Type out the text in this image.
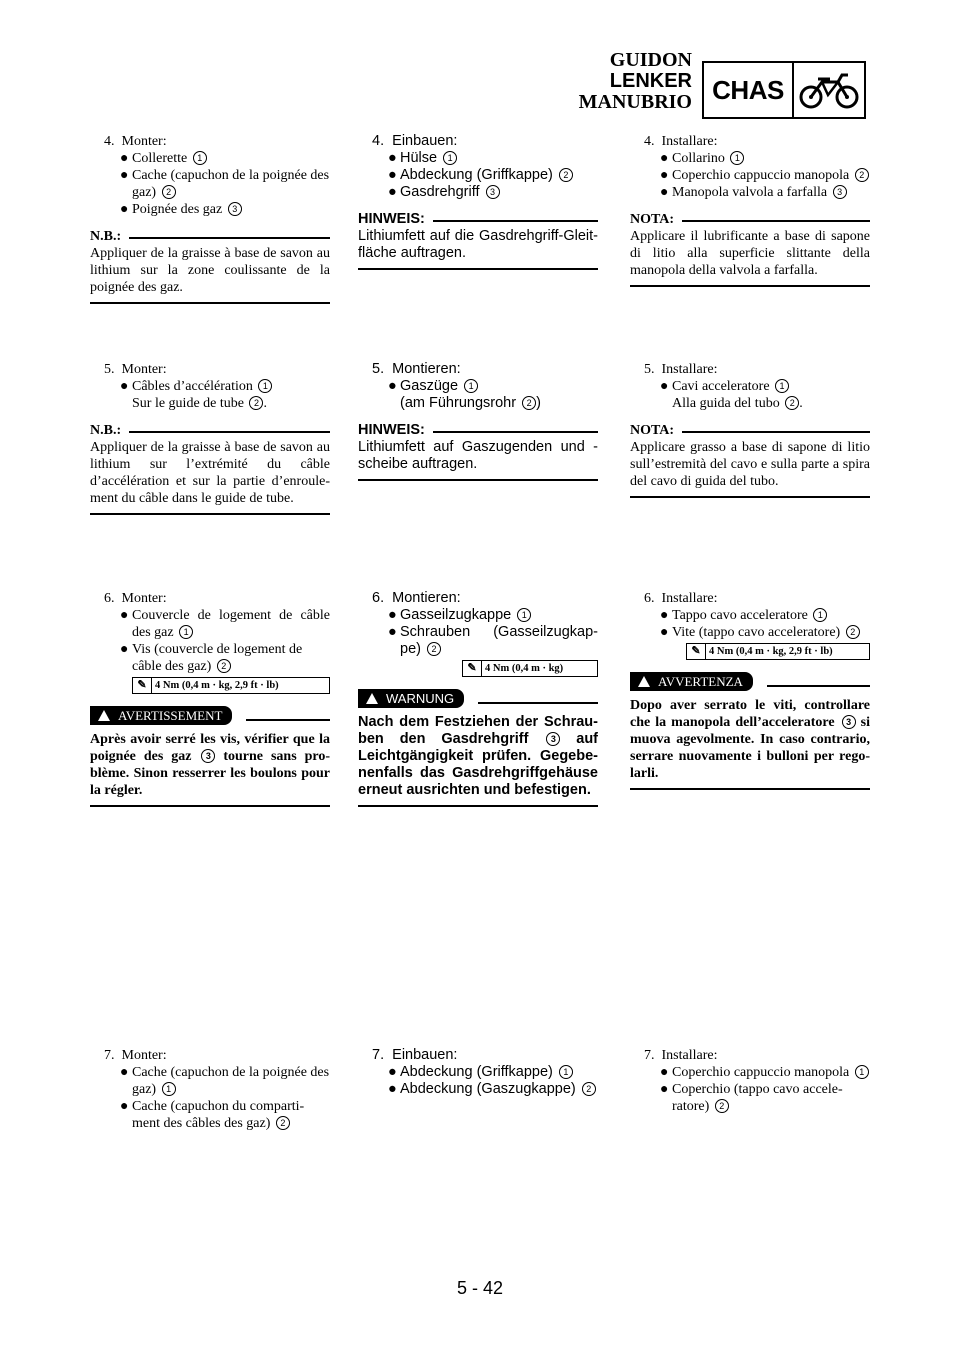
GUIDON
LENKER
MANUBRIO CHAS
4.  Monter:
● Collerette 1
● Cache (capuchon de la poignée des gaz) 2
● Poignée des gaz 3
N.B.:
Appliquer de la graisse à base de savon au lithium sur la zone coulissante de la poignée des gaz.
5.  Monter:
● Câbles d’accélération 1
Sur le guide de tube 2 .
N.B.:
Appliquer de la graisse à base de savon au lithium sur l’extrémité du câble d’accélération et sur la partie d’enroule-ment du câble dans le guide de tube.
6.  Monter:
● Couvercle de logement de câble des gaz 1
● Vis (couvercle de logement de câble des gaz) 2
✎ 4 Nm (0,4 m · kg, 2,9 ft · lb)
AVERTISSEMENT
Après avoir serré les vis, vérifier que la poignée des gaz 3 tourne sans pro-blème. Sinon resserrer les boulons pour la régler.
7.  Monter:
● Cache (capuchon de la poignée des gaz) 1
● Cache (capuchon du comparti-ment des câbles des gaz) 2
4.  Einbauen:
● Hülse 1
● Abdeckung (Griffkappe) 2
● Gasdrehgriff 3
HINWEIS:
Lithiumfett auf die Gasdrehgriff-Gleit-fläche auftragen.
5.  Montieren:
● Gaszüge 1
(am Führungsrohr 2 )
HINWEIS:
Lithiumfett auf Gaszugenden und -scheibe auftragen.
6.  Montieren:
● Gasseilzugkappe 1
● Schrauben (Gasseilzugkap-pe) 2
✎ 4 Nm (0,4 m · kg)
WARNUNG
Nach dem Festziehen der Schrau-ben den Gasdrehgriff 3 auf Leichtgängigkeit prüfen. Gegebe-nenfalls das Gasdrehgriffgehäuse erneut ausrichten und befestigen.
7.  Einbauen:
● Abdeckung (Griffkappe) 1
● Abdeckung (Gaszugkappe) 2
4.  Installare:
● Collarino 1
● Coperchio cappuccio manopola 2
● Manopola valvola a farfalla 3
NOTA:
Applicare il lubrificante a base di sapone di litio alla superficie slittante della manopola della valvola a farfalla.
5.  Installare:
● Cavi acceleratore 1
Alla guida del tubo 2 .
NOTA:
Applicare grasso a base di sapone di litio sull’estremità del cavo e sulla parte a spira del cavo di guida del tubo.
6.  Installare:
● Tappo cavo acceleratore 1
● Vite (tappo cavo acceleratore) 2
✎ 4 Nm (0,4 m · kg, 2,9 ft · lb)
AVVERTENZA
Dopo aver serrato le viti, controllare che la manopola dell’acceleratore 3 si muova agevolmente. In caso contrario, serrare nuovamente i bulloni per rego-larli.
7.  Installare:
● Coperchio cappuccio manopola 1
● Coperchio (tappo cavo accele-ratore) 2
5 - 42
